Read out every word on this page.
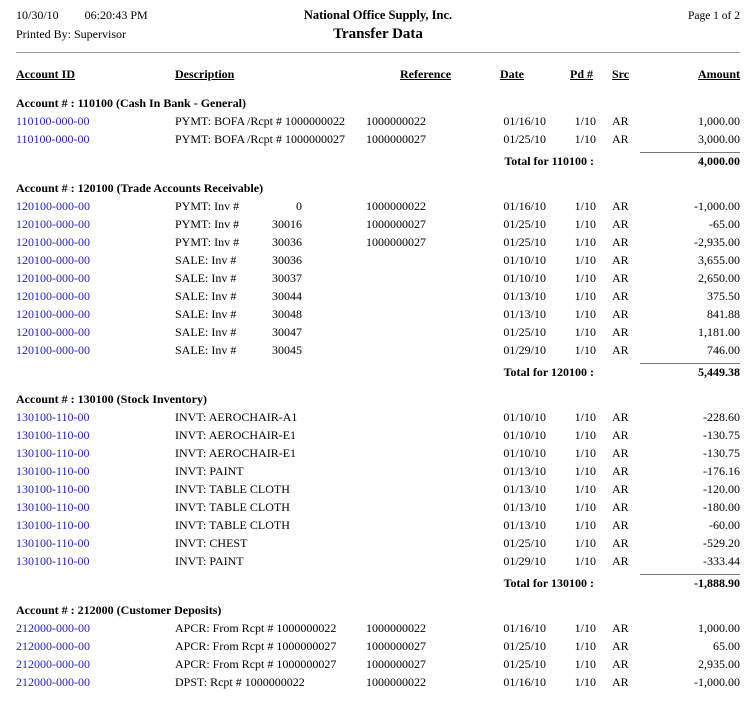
10/30/10 06:20:43 PM	National Office Supply, Inc.	Page 1 of 2
Printed By: Supervisor	Transfer Data
Account ID	Description	Reference	Date	Pd #	Src	Amount
Account # : 110100 (Cash In Bank - General)
110100-000-00	PYMT: BOFA /Rcpt # 1000000022 1000000022	01/16/10	1/10	AR	1,000.00
110100-000-00	PYMT: BOFA /Rcpt # 1000000027 1000000027	01/25/10	1/10	AR	3,000.00
Total for 110100 :	4,000.00
Account # : 120100 (Trade Accounts Receivable)
120100-000-00	PYMT: Inv #	0	1000000022	01/16/10	1/10	AR	-1,000.00
120100-000-00	PYMT: Inv #	30016	1000000027	01/25/10	1/10	AR	-65.00
120100-000-00	PYMT: Inv #	30036	1000000027	01/25/10	1/10	AR	-2,935.00
120100-000-00	SALE: Inv #	30036	01/10/10	1/10	AR	3,655.00
120100-000-00	SALE: Inv #	30037	01/10/10	1/10	AR	2,650.00
120100-000-00	SALE: Inv #	30044	01/13/10	1/10	AR	375.50
120100-000-00	SALE: Inv #	30048	01/13/10	1/10	AR	841.88
120100-000-00	SALE: Inv #	30047	01/25/10	1/10	AR	1,181.00
120100-000-00	SALE: Inv #	30045	01/29/10	1/10	AR	746.00
Total for 120100 :	5,449.38
Account # : 130100 (Stock Inventory)
130100-110-00	INVT: AEROCHAIR-A1	01/10/10	1/10	AR	-228.60
130100-110-00	INVT: AEROCHAIR-E1	01/10/10	1/10	AR	-130.75
130100-110-00	INVT: AEROCHAIR-E1	01/10/10	1/10	AR	-130.75
130100-110-00	INVT: PAINT	01/13/10	1/10	AR	-176.16
130100-110-00	INVT: TABLE CLOTH	01/13/10	1/10	AR	-120.00
130100-110-00	INVT: TABLE CLOTH	01/13/10	1/10	AR	-180.00
130100-110-00	INVT: TABLE CLOTH	01/13/10	1/10	AR	-60.00
130100-110-00	INVT: CHEST	01/25/10	1/10	AR	-529.20
130100-110-00	INVT: PAINT	01/29/10	1/10	AR	-333.44
Total for 130100 :	-1,888.90
Account # : 212000 (Customer Deposits)
212000-000-00	APCR: From Rcpt # 1000000022 1000000022	01/16/10	1/10	AR	1,000.00
212000-000-00	APCR: From Rcpt # 1000000027 1000000027	01/25/10	1/10	AR	65.00
212000-000-00	APCR: From Rcpt # 1000000027 1000000027	01/25/10	1/10	AR	2,935.00
212000-000-00	DPST: Rcpt # 1000000022	1000000022	01/16/10	1/10	AR	-1,000.00
